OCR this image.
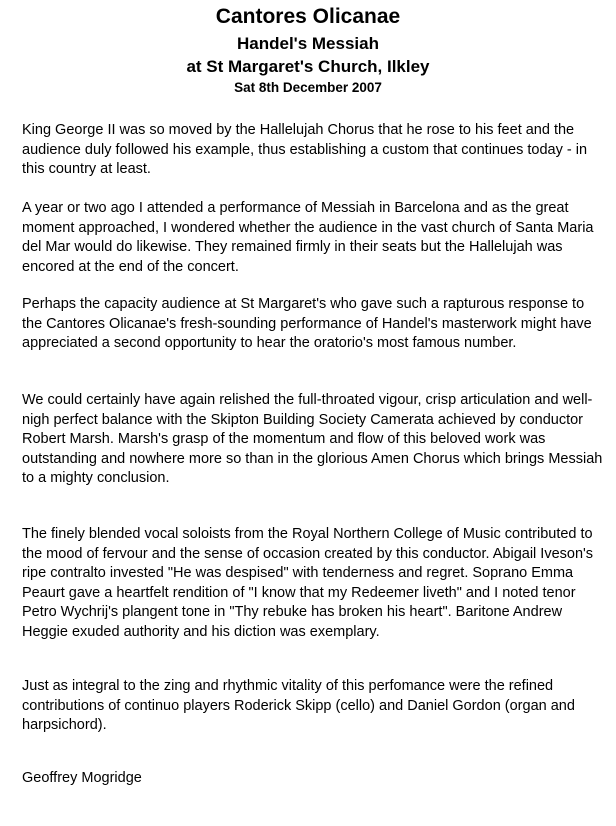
Cantores Olicanae
Handel's Messiah
at St Margaret's Church, Ilkley
Sat 8th December 2007

King George II was so moved by the Hallelujah Chorus that he rose to his feet and the audience duly followed his example, thus establishing a custom that continues today - in this country at least.

A year or two ago I attended a performance of Messiah in Barcelona and as the great moment approached, I wondered whether the audience in the vast church of Santa Maria del Mar would do likewise. They remained firmly in their seats but the Hallelujah was encored at the end of the concert.

Perhaps the capacity audience at St Margaret's who gave such a rapturous response to the Cantores Olicanae's fresh-sounding performance of Handel's masterwork might have appreciated a second opportunity to hear the oratorio's most famous number.

We could certainly have again relished the full-throated vigour, crisp articulation and well-nigh perfect balance with the Skipton Building Society Camerata achieved by conductor Robert Marsh. Marsh's grasp of the momentum and flow of this beloved work was outstanding and nowhere more so than in the glorious Amen Chorus which brings Messiah to a mighty conclusion.

The finely blended vocal soloists from the Royal Northern College of Music contributed to the mood of fervour and the sense of occasion created by this conductor. Abigail Iveson's ripe contralto invested "He was despised" with tenderness and regret. Soprano Emma Peaurt gave a heartfelt rendition of "I know that my Redeemer liveth" and I noted tenor Petro Wychrij's plangent tone in "Thy rebuke has broken his heart". Baritone Andrew Heggie exuded authority and his diction was exemplary.

Just as integral to the zing and rhythmic vitality of this perfomance were the refined contributions of continuo players Roderick Skipp (cello) and Daniel Gordon (organ and harpsichord).

Geoffrey Mogridge
